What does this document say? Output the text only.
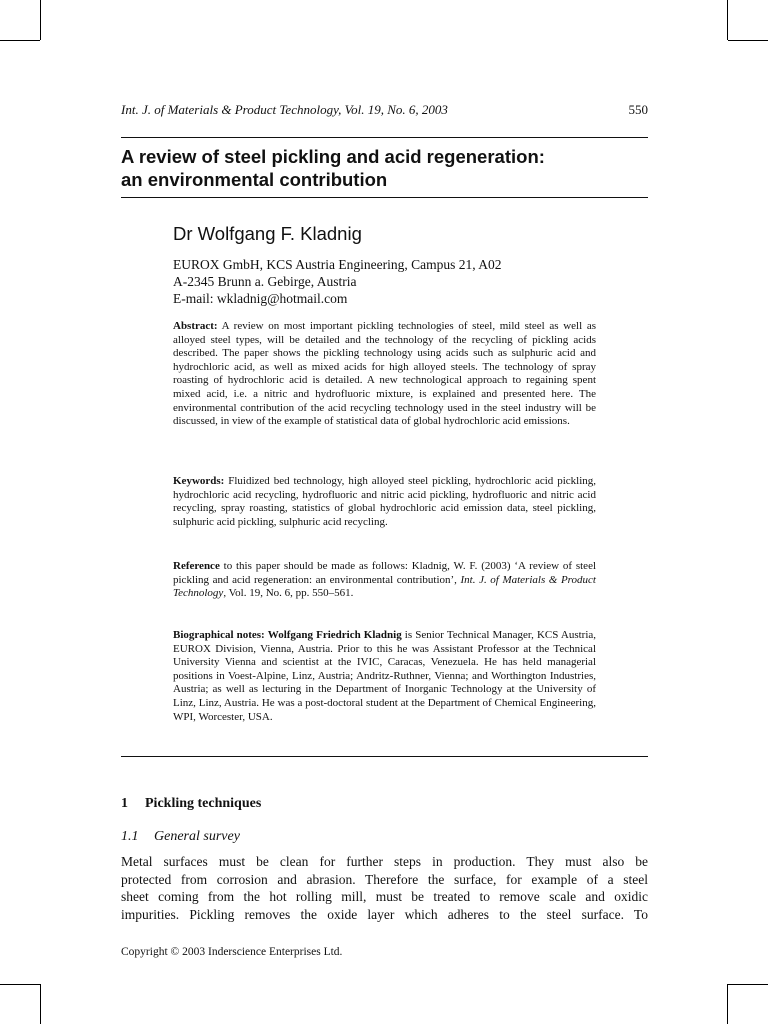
Int. J. of Materials & Product Technology, Vol. 19, No. 6, 2003	550
A review of steel pickling and acid regeneration:
an environmental contribution
Dr Wolfgang F. Kladnig
EUROX GmbH, KCS Austria Engineering, Campus 21, A02
A-2345 Brunn a. Gebirge, Austria
E-mail: wkladnig@hotmail.com
Abstract: A review on most important pickling technologies of steel, mild steel as well as alloyed steel types, will be detailed and the technology of the recycling of pickling acids described. The paper shows the pickling technology using acids such as sulphuric acid and hydrochloric acid, as well as mixed acids for high alloyed steels. The technology of spray roasting of hydrochloric acid is detailed. A new technological approach to regaining spent mixed acid, i.e. a nitric and hydrofluoric mixture, is explained and presented here. The environmental contribution of the acid recycling technology used in the steel industry will be discussed, in view of the example of statistical data of global hydrochloric acid emissions.
Keywords: Fluidized bed technology, high alloyed steel pickling, hydrochloric acid pickling, hydrochloric acid recycling, hydrofluoric and nitric acid pickling, hydrofluoric and nitric acid recycling, spray roasting, statistics of global hydrochloric acid emission data, steel pickling, sulphuric acid pickling, sulphuric acid recycling.
Reference to this paper should be made as follows: Kladnig, W. F. (2003) ‘A review of steel pickling and acid regeneration: an environmental contribution’, Int. J. of Materials & Product Technology, Vol. 19, No. 6, pp. 550–561.
Biographical notes: Wolfgang Friedrich Kladnig is Senior Technical Manager, KCS Austria, EUROX Division, Vienna, Austria. Prior to this he was Assistant Professor at the Technical University Vienna and scientist at the IVIC, Caracas, Venezuela. He has held managerial positions in Voest-Alpine, Linz, Austria; Andritz-Ruthner, Vienna; and Worthington Industries, Austria; as well as lecturing in the Department of Inorganic Technology at the University of Linz, Linz, Austria. He was a post-doctoral student at the Department of Chemical Engineering, WPI, Worcester, USA.
1 Pickling techniques
1.1 General survey
Metal surfaces must be clean for further steps in production. They must also be
protected from corrosion and abrasion. Therefore the surface, for example of a steel
sheet coming from the hot rolling mill, must be treated to remove scale and oxidic
impurities. Pickling removes the oxide layer which adheres to the steel surface. To
Copyright © 2003 Inderscience Enterprises Ltd.
